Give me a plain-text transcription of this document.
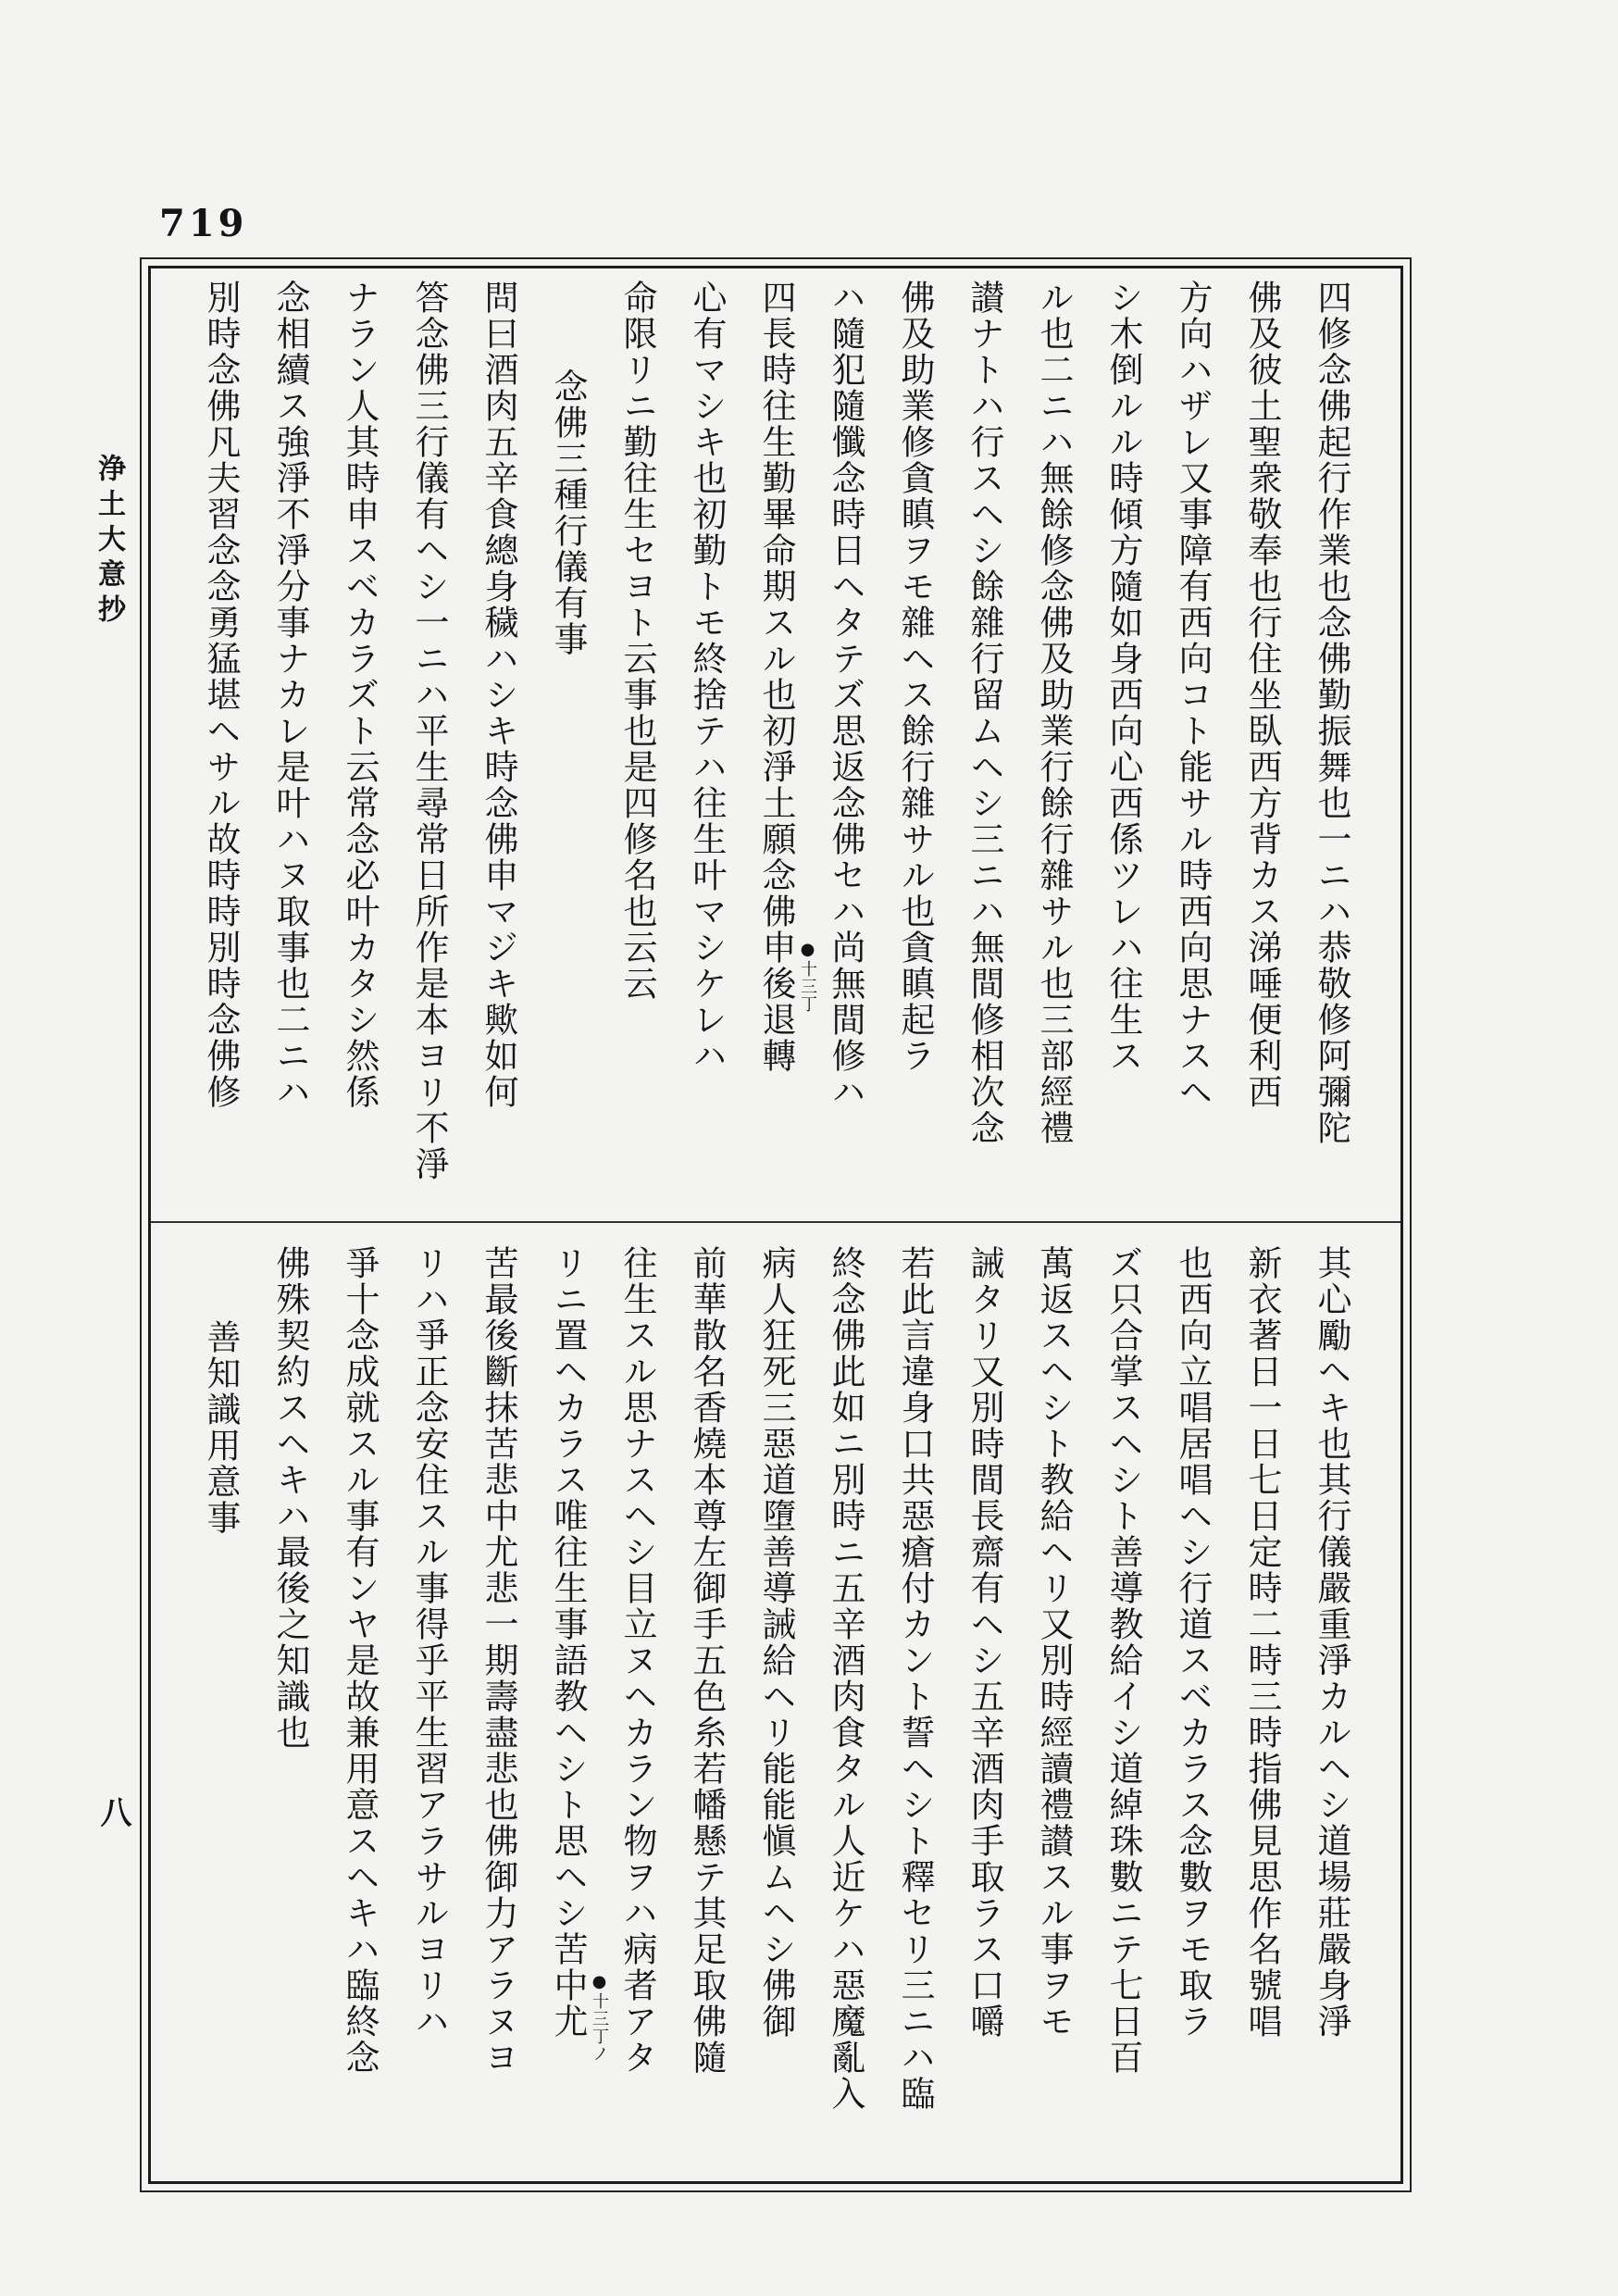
719
浄土大意抄
八
四修念佛起行作業也念佛勤振舞也一ニハ恭敬修阿彌陀
佛及彼土聖衆敬奉也行住坐臥西方背カス涕唾便利西
方向ハザレ又事障有西向コト能サル時西向思ナスヘ
シ木倒ルル時傾方隨如身西向心西係ツレハ往生ス
ル也二ニハ無餘修念佛及助業行餘行雜サル也三部經禮
讃ナトハ行スヘシ餘雜行留ムヘシ三ニハ無間修相次念
佛及助業修貪瞋ヲモ雜ヘス餘行雜サル也貪瞋起ラ
ハ隨犯隨懺念時日ヘタテズ思返念佛セハ尚無間修ハ
四長時往生勤畢命期スル也初淨土願念佛申後退轉
心有マシキ也初勤トモ終捨テハ往生叶マシケレハ
命限リニ勤往生セヨト云事也是四修名也云云
念佛三種行儀有事
問曰酒肉五辛食總身穢ハシキ時念佛申マジキ歟如何
答念佛三行儀有ヘシ一ニハ平生尋常日所作是本ヨリ不淨
ナラン人其時申スベカラズト云常念必叶カタシ然係
念相續ス強淨不淨分事ナカレ是叶ハヌ取事也二ニハ
別時念佛凡夫習念念勇猛堪ヘサル故時時別時念佛修	●十三丁
其心勵ヘキ也其行儀嚴重淨カルヘシ道場莊嚴身淨
新衣著日一日七日定時二時三時指佛見思作名號唱
也西向立唱居唱ヘシ行道スベカラス念數ヲモ取ラ
ズ只合掌スヘシト善導教給イシ道綽珠數ニテ七日百
萬返スヘシト教給ヘリ又別時經讀禮讃スル事ヲモ
誡タリ又別時間長齋有ヘシ五辛酒肉手取ラス口嚼
若此言違身口共惡瘡付カント誓ヘシト釋セリ三ニハ臨
終念佛此如ニ別時ニ五辛酒肉食タル人近ケハ惡魔亂入
病人狂死三惡道墮善導誡給ヘリ能能愼ムヘシ佛御
前華散名香燒本尊左御手五色糸若幡懸テ其足取佛隨
往生スル思ナスヘシ目立ヌヘカラン物ヲハ病者アタ
リニ置ヘカラス唯往生事語教ヘシト思ヘシ苦中尤
苦最後斷抹苦悲中尤悲一期壽盡悲也佛御力アラヌヨ
リハ爭正念安住スル事得乎平生習アラサルヨリハ
爭十念成就スル事有ンヤ是故兼用意スヘキハ臨終念
佛殊契約スヘキハ最後之知識也
善知識用意事
●十三丁ノ
